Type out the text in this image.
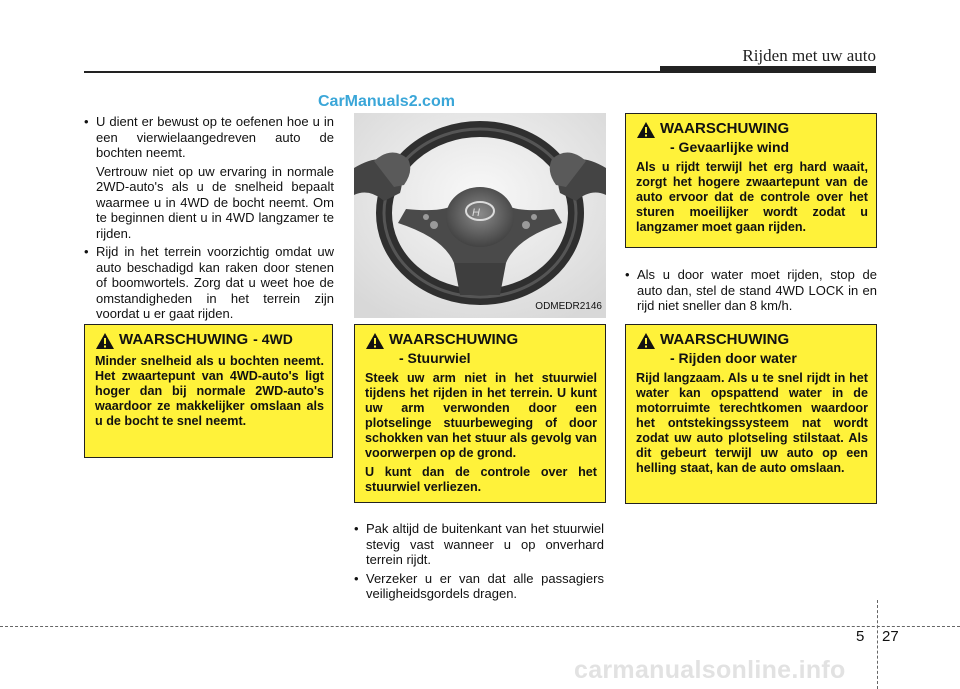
Rijden met uw auto
CarManuals2.com

• U dient er bewust op te oefenen hoe u in een vierwielaangedreven auto de bochten neemt.

Vertrouw niet op uw ervaring in normale 2WD-auto's als u de snelheid bepaalt waarmee u in 4WD de bocht neemt. Om te beginnen dient u in 4WD langzamer te rijden.

• Rijd in het terrein voorzichtig omdat uw auto beschadigd kan raken door stenen of boomwortels. Zorg dat u weet hoe de omstandigheden in het terrein zijn voordat u er gaat rijden.

WAARSCHUWING - 4WD

Minder snelheid als u bochten neemt. Het zwaartepunt van 4WD-auto's ligt hoger dan bij normale 2WD-auto's waardoor ze makkelijker omslaan als u de bocht te snel neemt.

H
ODMEDR2146
WAARSCHUWING
- Stuurwiel

Steek uw arm niet in het stuurwiel tijdens het rijden in het terrein. U kunt uw arm verwonden door een plotselinge stuurbeweging of door schokken van het stuur als gevolg van voorwerpen op de grond.

U kunt dan de controle over het stuurwiel verliezen.

• Pak altijd de buitenkant van het stuurwiel stevig vast wanneer u op onverhard terrein rijdt.

• Verzeker u er van dat alle passagiers veiligheidsgordels dragen.

WAARSCHUWING
- Gevaarlijke wind

Als u rijdt terwijl het erg hard waait, zorgt het hogere zwaartepunt van de auto ervoor dat de controle over het sturen moeilijker wordt zodat u langzamer moet gaan rijden.

• Als u door water moet rijden, stop de auto dan, stel de stand 4WD LOCK in en rijd niet sneller dan 8 km/h.

WAARSCHUWING
- Rijden door water

Rijd langzaam. Als u te snel rijdt in het water kan opspattend water in de motorruimte terechtkomen waardoor het ontstekingssysteem nat wordt zodat uw auto plotseling stilstaat. Als dit gebeurt terwijl uw auto op een helling staat, kan de auto omslaan.

5 27
carmanualsonline.info
